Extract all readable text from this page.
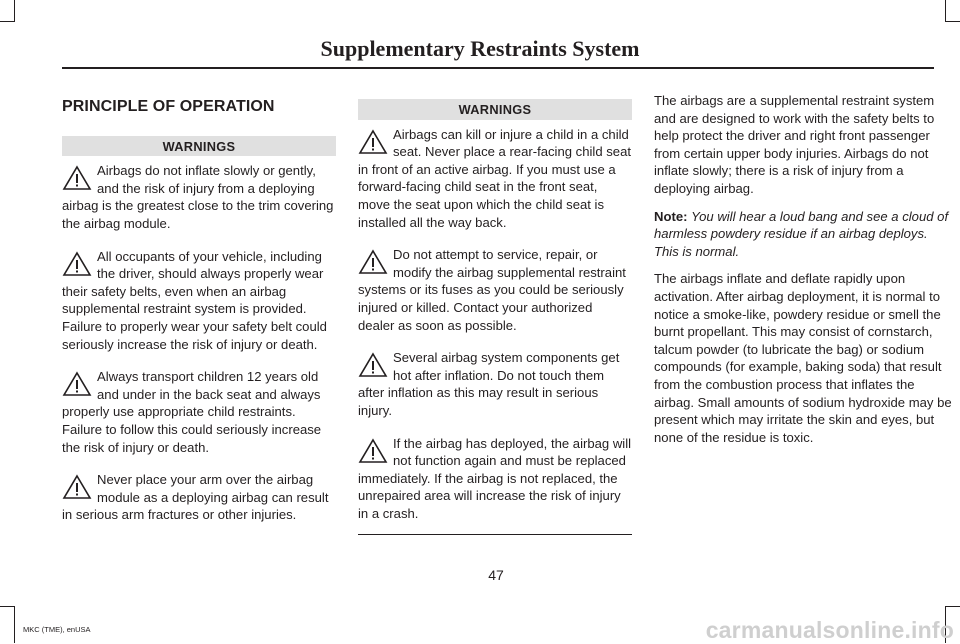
Supplementary Restraints System
PRINCIPLE OF OPERATION
WARNINGS

Airbags do not inflate slowly or gently, and the risk of injury from a deploying airbag is the greatest close to the trim covering the airbag module.

All occupants of your vehicle, including the driver, should always properly wear their safety belts, even when an airbag supplemental restraint system is provided. Failure to properly wear your safety belt could seriously increase the risk of injury or death.

Always transport children 12 years old and under in the back seat and always properly use appropriate child restraints. Failure to follow this could seriously increase the risk of injury or death.

Never place your arm over the airbag module as a deploying airbag can result in serious arm fractures or other injuries.

WARNINGS

Airbags can kill or injure a child in a child seat. Never place a rear-facing child seat in front of an active airbag. If you must use a forward-facing child seat in the front seat, move the seat upon which the child seat is installed all the way back.

Do not attempt to service, repair, or modify the airbag supplemental restraint systems or its fuses as you could be seriously injured or killed. Contact your authorized dealer as soon as possible.

Several airbag system components get hot after inflation. Do not touch them after inflation as this may result in serious injury.

If the airbag has deployed, the airbag will not function again and must be replaced immediately. If the airbag is not replaced, the unrepaired area will increase the risk of injury in a crash.

The airbags are a supplemental restraint system and are designed to work with the safety belts to help protect the driver and right front passenger from certain upper body injuries. Airbags do not inflate slowly; there is a risk of injury from a deploying airbag.

Note: You will hear a loud bang and see a cloud of harmless powdery residue if an airbag deploys. This is normal.

The airbags inflate and deflate rapidly upon activation. After airbag deployment, it is normal to notice a smoke-like, powdery residue or smell the burnt propellant. This may consist of cornstarch, talcum powder (to lubricate the bag) or sodium compounds (for example, baking soda) that result from the combustion process that inflates the airbag. Small amounts of sodium hydroxide may be present which may irritate the skin and eyes, but none of the residue is toxic.

47
MKC (TME), enUSA	carmanualsonline.info
